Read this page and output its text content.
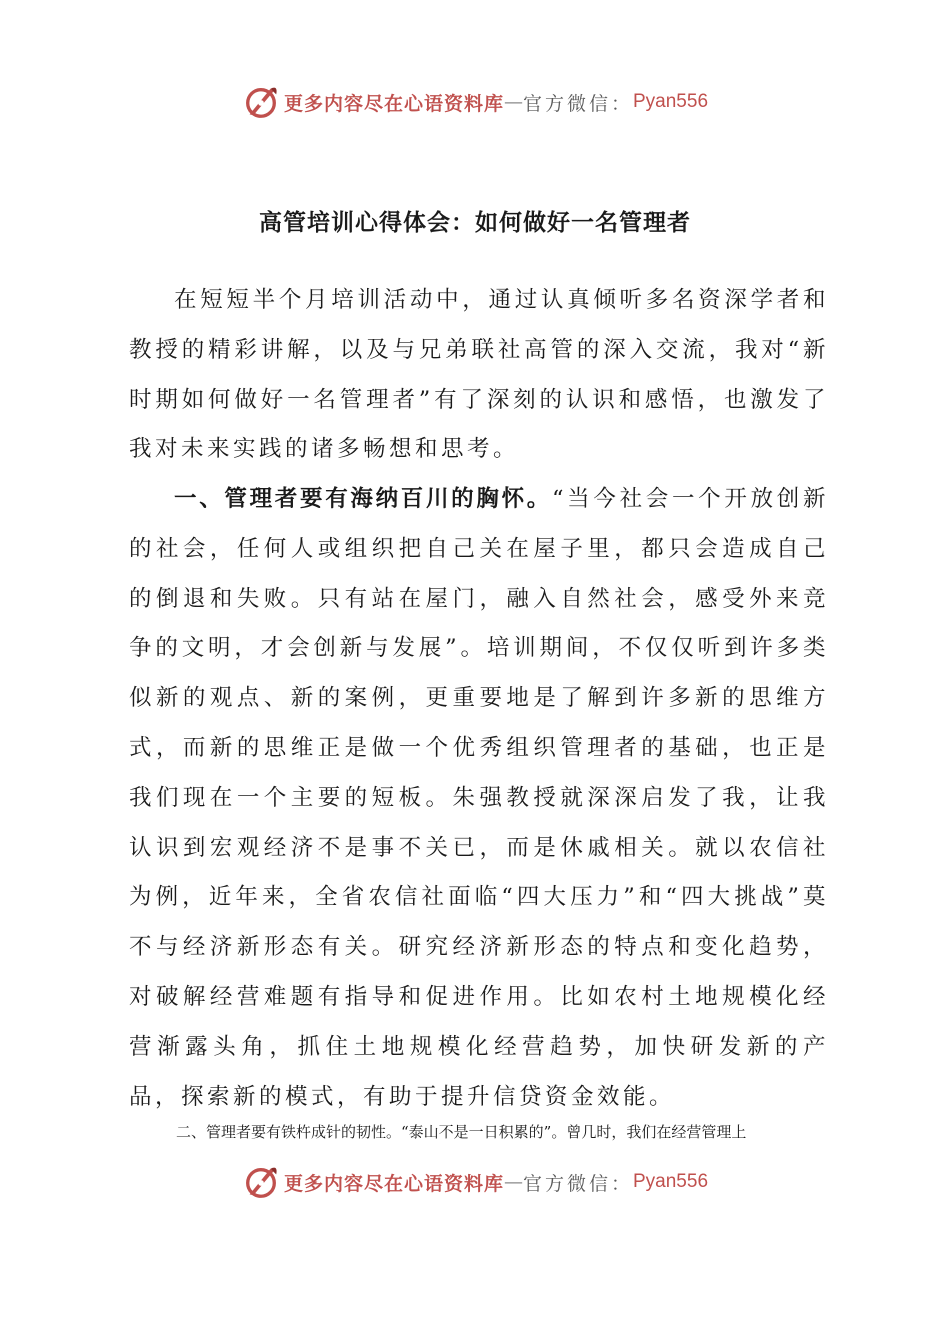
更多内容尽在心语资料库 — 官方微信： Pyan556
高管培训心得体会：如何做好一名管理者

在短短半个月培训活动中，通过认真倾听多名资深学者和教授的精彩讲解，以及与兄弟联社高管的深入交流，我对“新时期如何做好一名管理者”有了深刻的认识和感悟，也激发了我对未来实践的诸多畅想和思考。

一、管理者要有海纳百川的胸怀。“当今社会一个开放创新的社会，任何人或组织把自己关在屋子里，都只会造成自己的倒退和失败。只有站在屋门，融入自然社会，感受外来竞争的文明，才会创新与发展”。培训期间，不仅仅听到许多类似新的观点、新的案例，更重要地是了解到许多新的思维方式，而新的思维正是做一个优秀组织管理者的基础，也正是我们现在一个主要的短板。朱强教授就深深启发了我，让我认识到宏观经济不是事不关已，而是休戚相关。就以农信社为例，近年来，全省农信社面临“四大压力”和“四大挑战”莫不与经济新形态有关。研究经济新形态的特点和变化趋势，对破解经营难题有指导和促进作用。比如农村土地规模化经营渐露头角，抓住土地规模化经营趋势，加快研发新的产品，探索新的模式，有助于提升信贷资金效能。

二、管理者要有铁杵成针的韧性。“泰山不是一日积累的”。曾几时，我们在经营管理上

更多内容尽在心语资料库 — 官方微信： Pyan556
